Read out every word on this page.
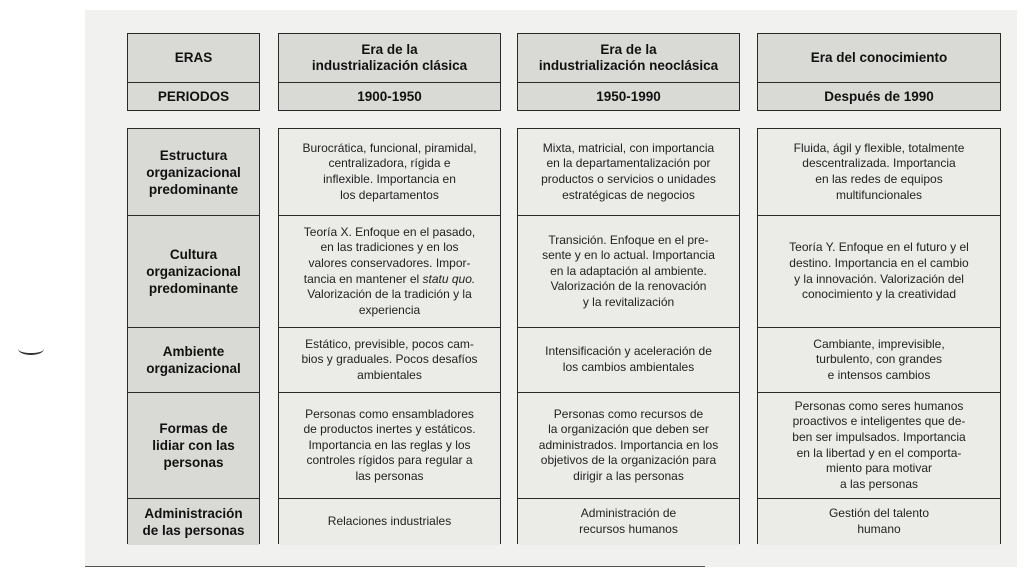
ERAS
PERIODOS
Era de la
industrialización clásica
1900-1950
Era de la
industrialización neoclásica
1950-1990
Era del conocimiento
Después de 1990
Estructura
organizacional
predominante
Cultura
organizacional
predominante
Ambiente
organizacional
Formas de
lidiar con las
personas
Administración
de las personas
Burocrática, funcional, piramidal,
centralizadora, rígida e
inflexible. Importancia en
los departamentos
Teoría X. Enfoque en el pasado,
en las tradiciones y en los
valores conservadores. Impor-
tancia en mantener el statu quo.
Valorización de la tradición y la
experiencia
Estático, previsible, pocos cam-
bios y graduales. Pocos desafíos
ambientales
Personas como ensambladores
de productos inertes y estáticos.
Importancia en las reglas y los
controles rígidos para regular a
las personas
Relaciones industriales
Mixta, matricial, con importancia
en la departamentalización por
productos o servicios o unidades
estratégicas de negocios
Transición. Enfoque en el pre-
sente y en lo actual. Importancia
en la adaptación al ambiente.
Valorización de la renovación
y la revitalización
Intensificación y aceleración de
los cambios ambientales
Personas como recursos de
la organización que deben ser
administrados. Importancia en los
objetivos de la organización para
dirigir a las personas
Administración de
recursos humanos
Fluida, ágil y flexible, totalmente
descentralizada. Importancia
en las redes de equipos
multifuncionales
Teoría Y. Enfoque en el futuro y el
destino. Importancia en el cambio
y la innovación. Valorización del
conocimiento y la creatividad
Cambiante, imprevisible,
turbulento, con grandes
e intensos cambios
Personas como seres humanos
proactivos e inteligentes que de-
ben ser impulsados. Importancia
en la libertad y en el comporta-
miento para motivar
a las personas
Gestión del talento
humano
